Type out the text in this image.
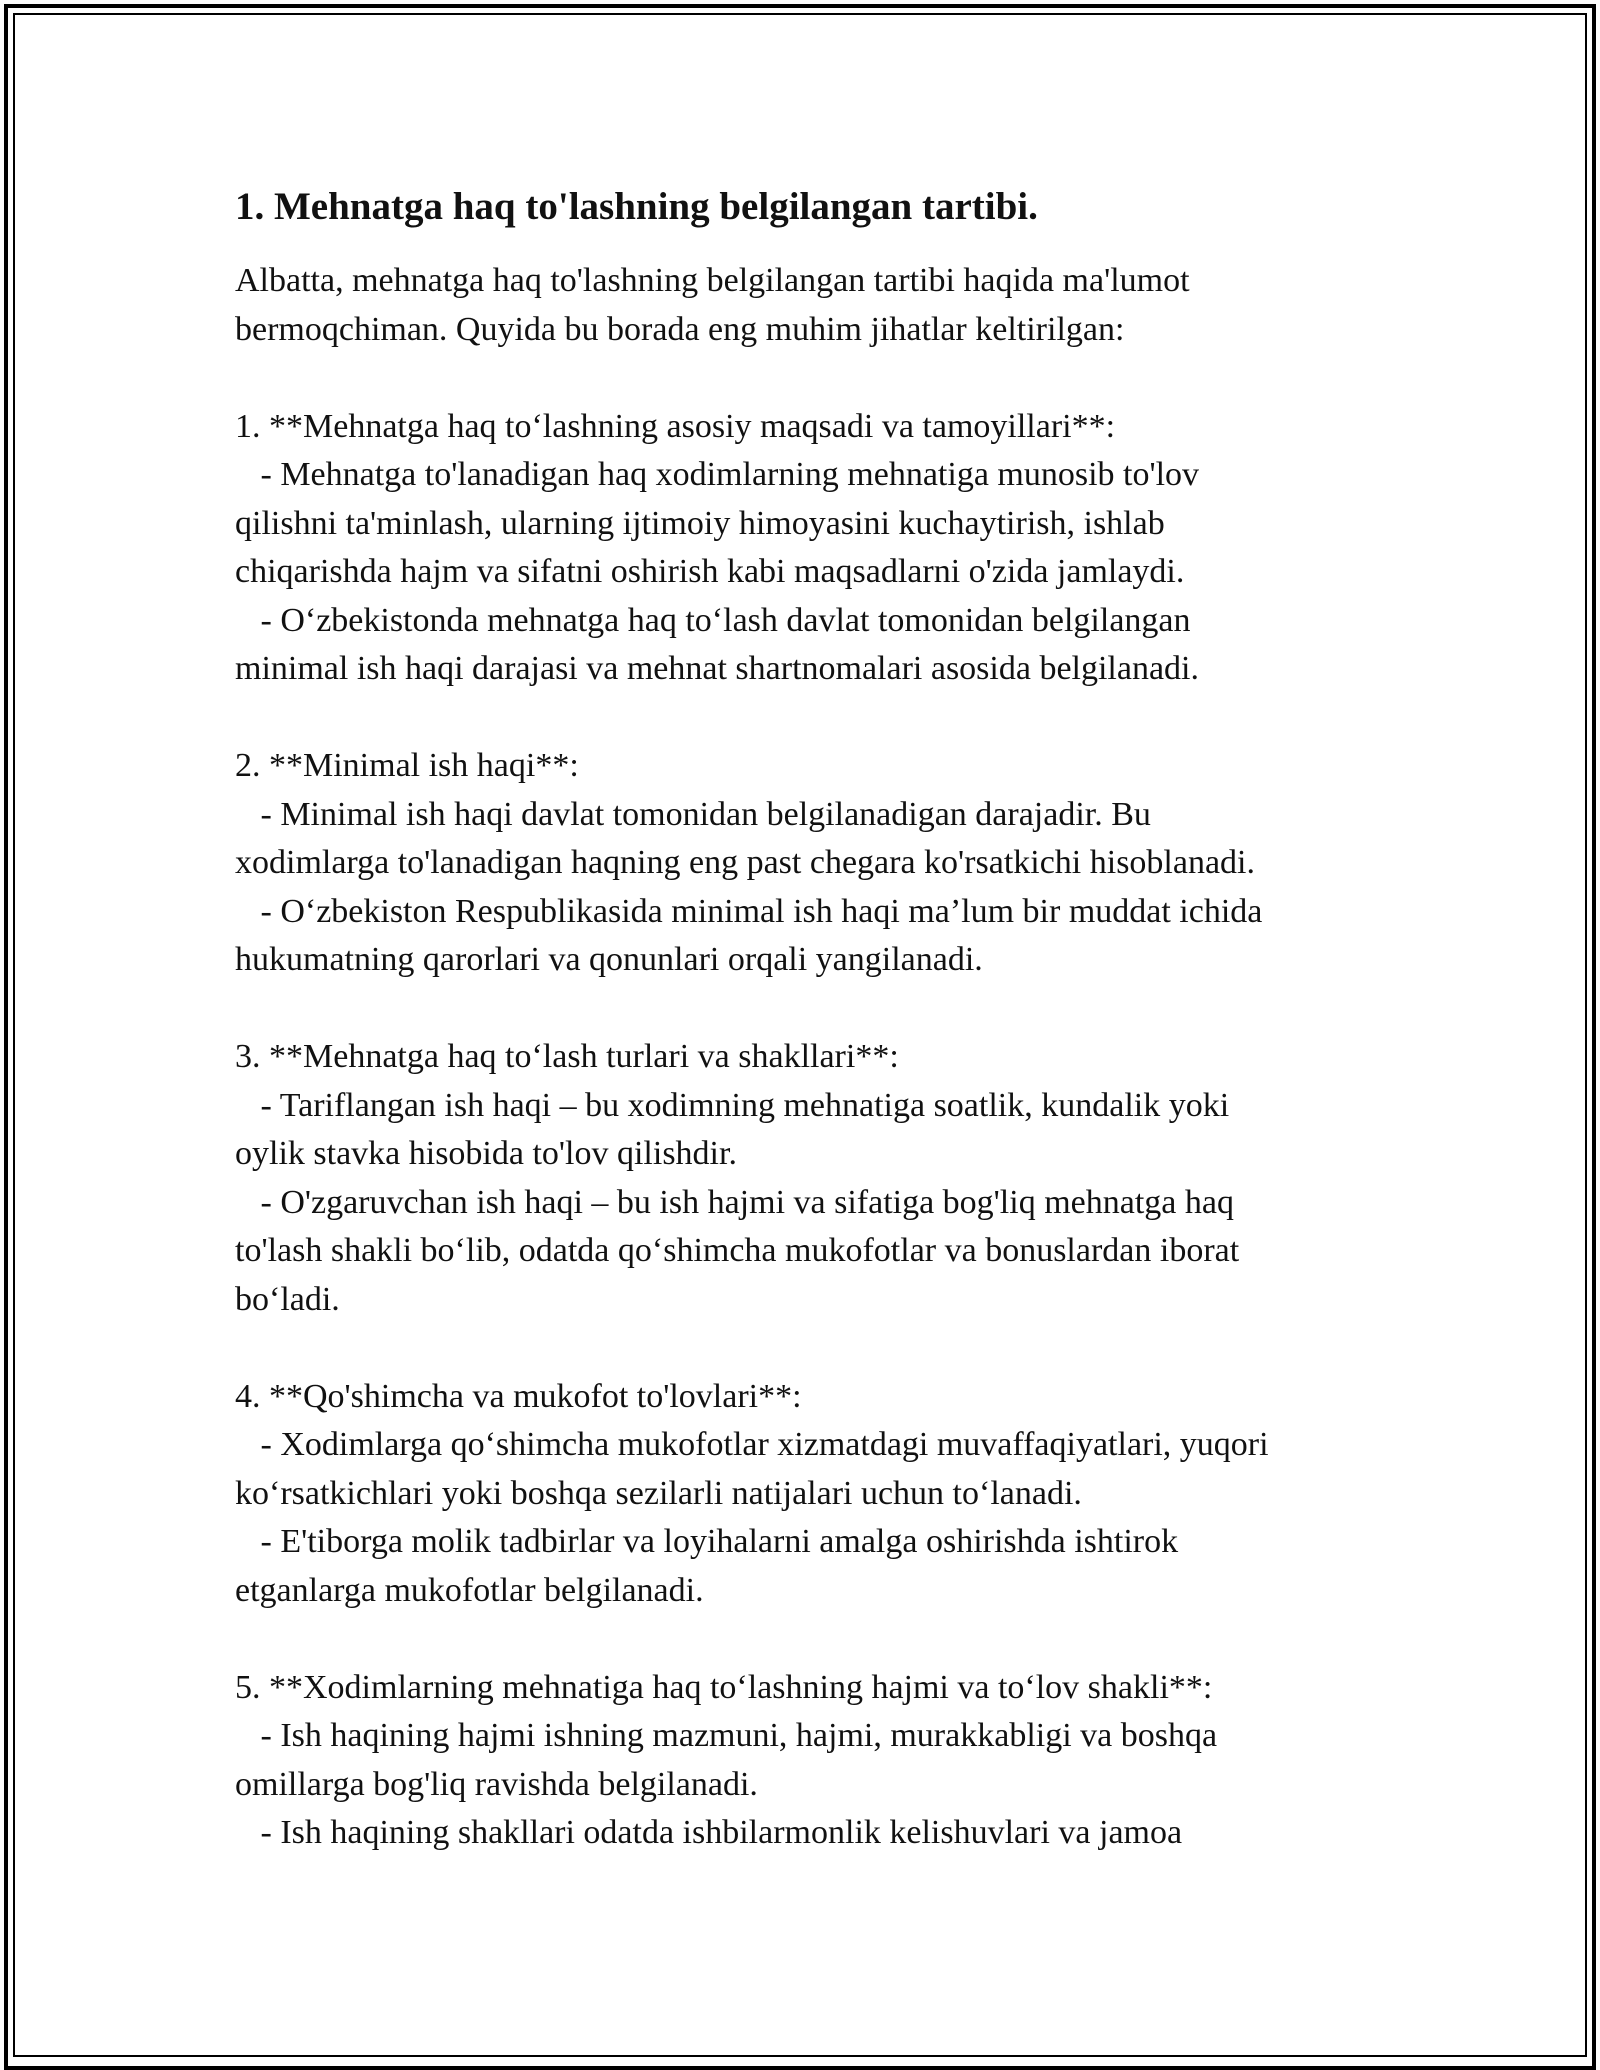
1. Mehnatga haq to'lashning belgilangan tartibi.
Albatta, mehnatga haq to'lashning belgilangan tartibi haqida ma'lumot
bermoqchiman. Quyida bu borada eng muhim jihatlar keltirilgan:
1. **Mehnatga haq to‘lashning asosiy maqsadi va tamoyillari**:
- Mehnatga to'lanadigan haq xodimlarning mehnatiga munosib to'lov
qilishni ta'minlash, ularning ijtimoiy himoyasini kuchaytirish, ishlab
chiqarishda hajm va sifatni oshirish kabi maqsadlarni o'zida jamlaydi.
- O‘zbekistonda mehnatga haq to‘lash davlat tomonidan belgilangan
minimal ish haqi darajasi va mehnat shartnomalari asosida belgilanadi.
2. **Minimal ish haqi**:
- Minimal ish haqi davlat tomonidan belgilanadigan darajadir. Bu
xodimlarga to'lanadigan haqning eng past chegara ko'rsatkichi hisoblanadi.
- O‘zbekiston Respublikasida minimal ish haqi ma’lum bir muddat ichida
hukumatning qarorlari va qonunlari orqali yangilanadi.
3. **Mehnatga haq to‘lash turlari va shakllari**:
- Tariflangan ish haqi – bu xodimning mehnatiga soatlik, kundalik yoki
oylik stavka hisobida to'lov qilishdir.
- O'zgaruvchan ish haqi – bu ish hajmi va sifatiga bog'liq mehnatga haq
to'lash shakli bo‘lib, odatda qo‘shimcha mukofotlar va bonuslardan iborat
bo‘ladi.
4. **Qo'shimcha va mukofot to'lovlari**:
- Xodimlarga qo‘shimcha mukofotlar xizmatdagi muvaffaqiyatlari, yuqori
ko‘rsatkichlari yoki boshqa sezilarli natijalari uchun to‘lanadi.
- E'tiborga molik tadbirlar va loyihalarni amalga oshirishda ishtirok
etganlarga mukofotlar belgilanadi.
5. **Xodimlarning mehnatiga haq to‘lashning hajmi va to‘lov shakli**:
- Ish haqining hajmi ishning mazmuni, hajmi, murakkabligi va boshqa
omillarga bog'liq ravishda belgilanadi.
- Ish haqining shakllari odatda ishbilarmonlik kelishuvlari va jamoa
